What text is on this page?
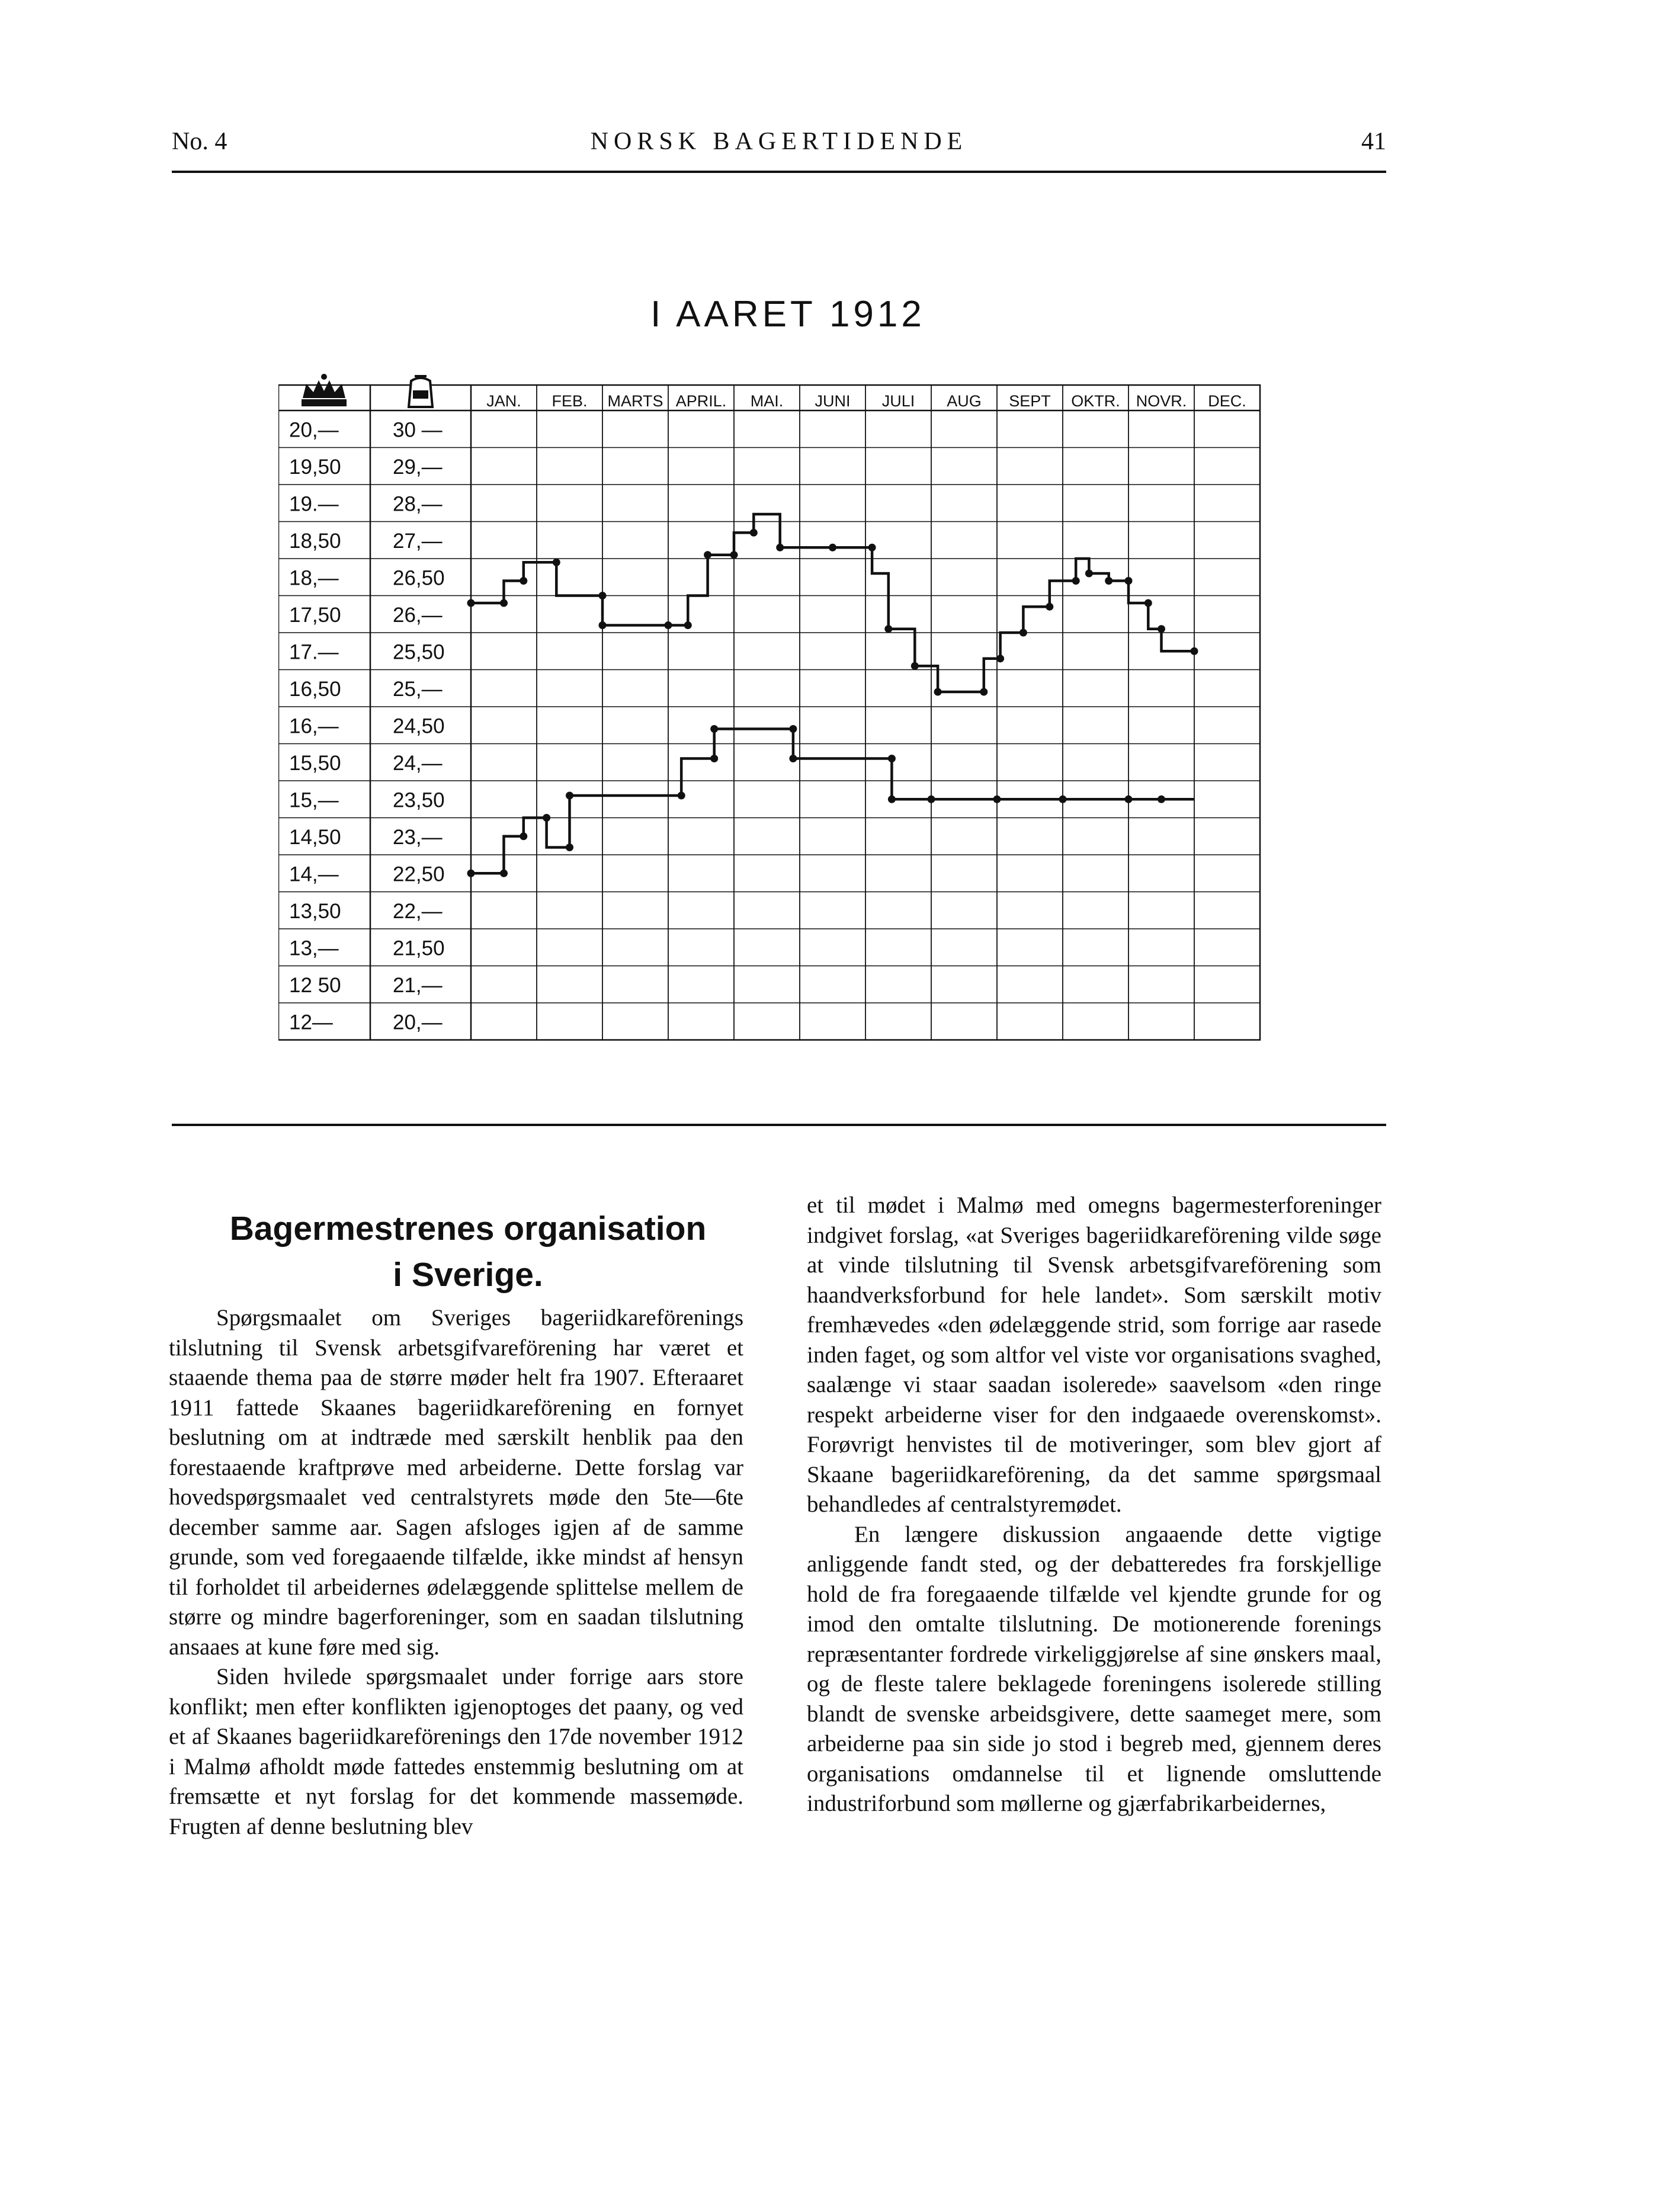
No. 4	NORSK BAGERTIDENDE	41
I AARET 1912
JAN. FEB. MARTS APRIL. MAI. JUNI JULI AUG SEPT OKTR. NOVR. DEC.
20,—
19,50
19.—
18,50
18,—
17,50
17.—
16,50
16,—
15,50
15,—
14,50
14,—
13,50
13,—
12 50
12—
30 —
29,—
28,—
27,—
26,50
26,—
25,50
25,—
24,50
24,—
23,50
23,—
22,50
22,—
21,50
21,—
20,—
Bagermestrenes organisation
i Sverige.

Spørgsmaalet om Sveriges bageriidkareförenings tilslutning til Svensk arbetsgifvareförening har været et staaende thema paa de større møder helt fra 1907. Efteraaret 1911 fattede Skaanes bageriidkareförening en fornyet beslutning om at indtræde med særskilt henblik paa den forestaaende kraftprøve med arbeiderne. Dette forslag var hovedspørgsmaalet ved centralstyrets møde den 5te—6te december samme aar. Sagen afsloges igjen af de samme grunde, som ved foregaaende tilfælde, ikke mindst af hensyn til forholdet til arbeidernes ødelæggende splittelse mellem de større og mindre bagerforeninger, som en saadan tilslutning ansaaes at kune føre med sig.

Siden hvilede spørgsmaalet under forrige aars store konflikt; men efter konflikten igjenoptoges det paany, og ved et af Skaanes bageriidkareförenings den 17de november 1912 i Malmø afholdt møde fattedes enstemmig beslutning om at fremsætte et nyt forslag for det kommende massemøde. Frugten af denne beslutning blev

et til mødet i Malmø med omegns bagermesterforeninger indgivet forslag, «at Sveriges bageriidkareförening vilde søge at vinde tilslutning til Svensk arbetsgifvareförening som haandverksforbund for hele landet». Som særskilt motiv fremhævedes «den ødelæggende strid, som forrige aar rasede inden faget, og som altfor vel viste vor organisations svaghed, saalænge vi staar saadan isolerede» saavelsom «den ringe respekt arbeiderne viser for den indgaaede overenskomst». Forøvrigt henvistes til de motiveringer, som blev gjort af Skaane bageriidkareförening, da det samme spørgsmaal behandledes af centralstyremødet.

En længere diskussion angaaende dette vigtige anliggende fandt sted, og der debatteredes fra forskjellige hold de fra foregaaende tilfælde vel kjendte grunde for og imod den omtalte tilslutning. De motionerende forenings repræsentanter fordrede virkeliggjørelse af sine ønskers maal, og de fleste talere beklagede foreningens isolerede stilling blandt de svenske arbeidsgivere, dette saameget mere, som arbeiderne paa sin side jo stod i begreb med, gjennem deres organisations omdannelse til et lignende omsluttende industriforbund som møllerne og gjærfabrikarbeidernes,
